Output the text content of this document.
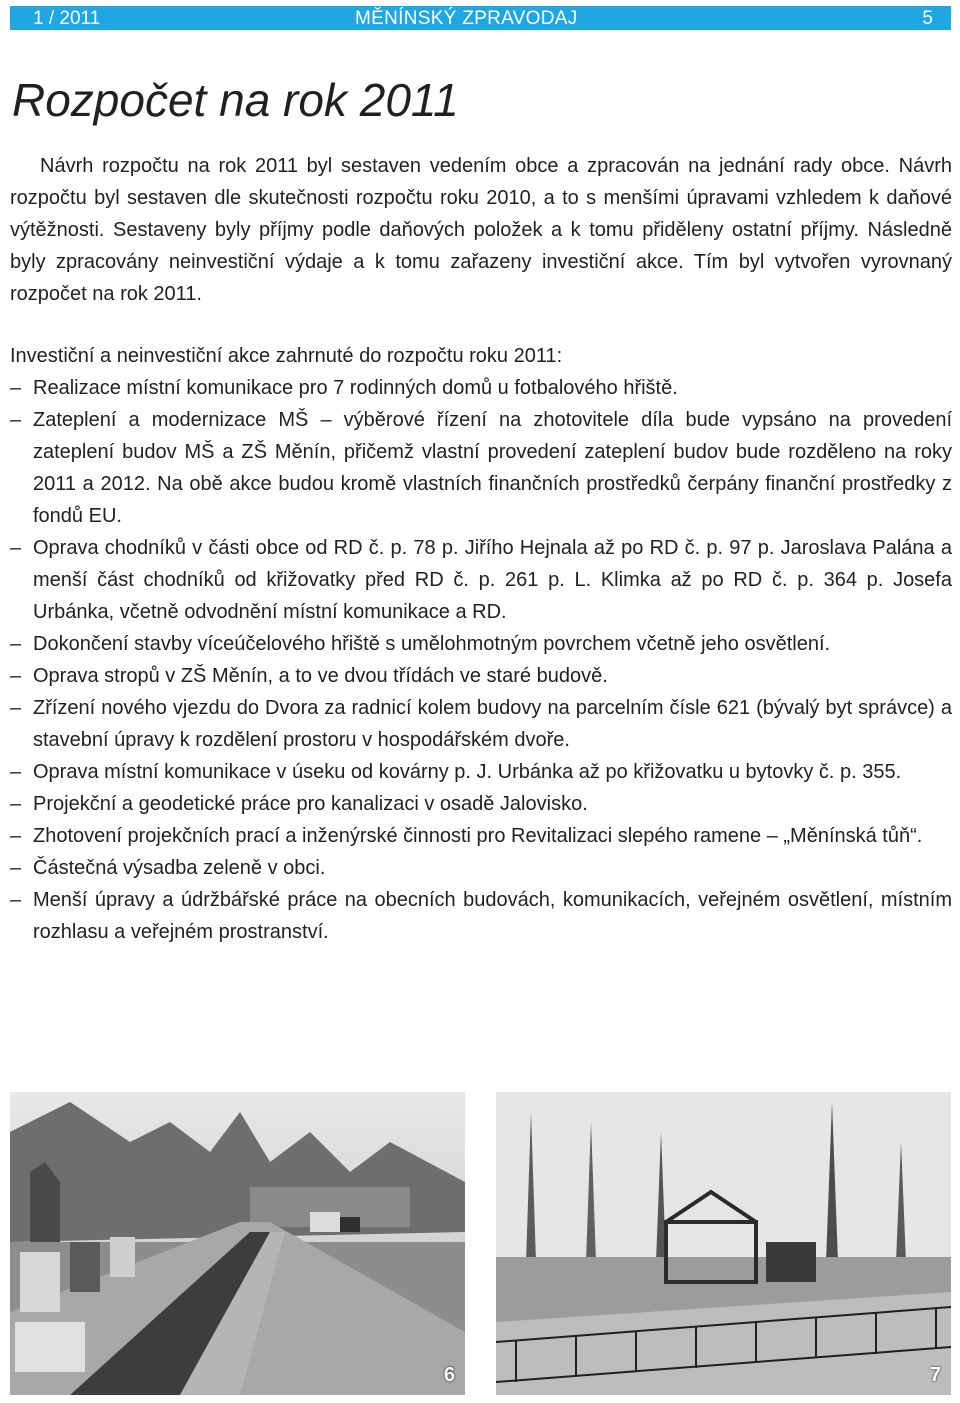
1 / 2011	MĚNÍNSKÝ ZPRAVODAJ	5
Rozpočet na rok 2011

Návrh rozpočtu na rok 2011 byl sestaven vedením obce a zpracován na jednání rady obce. Návrh rozpočtu byl sestaven dle skutečnosti rozpočtu roku 2010, a to s menšími úpravami vzhledem k daňové výtěžnosti. Sestaveny byly příjmy podle daňových položek a k tomu přiděleny ostatní příjmy. Následně byly zpracovány neinvestiční výdaje a k tomu zařazeny investiční akce. Tím byl vytvořen vyrovnaný rozpočet na rok 2011.

Investiční a neinvestiční akce zahrnuté do rozpočtu roku 2011:

– Realizace místní komunikace pro 7 rodinných domů u fotbalového hřiště.
– Zateplení a modernizace MŠ – výběrové řízení na zhotovitele díla bude vypsáno na provedení zateplení budov MŠ a ZŠ Měnín, přičemž vlastní provedení zateplení budov bude rozděleno na roky 2011 a 2012. Na obě akce budou kromě vlastních finančních prostředků čerpány finanční prostředky z fondů EU.
– Oprava chodníků v části obce od RD č. p. 78 p. Jiřího Hejnala až po RD č. p. 97 p. Jaroslava Palána a menší část chodníků od křižovatky před RD č. p. 261 p. L. Klimka až po RD č. p. 364 p. Josefa Urbánka, včetně odvodnění místní komunikace a RD.
– Dokončení stavby víceúčelového hřiště s umělohmotným povrchem včetně jeho osvětlení.
– Oprava stropů v ZŠ Měnín, a to ve dvou třídách ve staré budově.
– Zřízení nového vjezdu do Dvora za radnicí kolem budovy na parcelním čísle 621 (bývalý byt správce) a stavební úpravy k rozdělení prostoru v hospodářském dvoře.
– Oprava místní komunikace v úseku od kovárny p. J. Urbánka až po křižovatku u bytovky č. p. 355.
– Projekční a geodetické práce pro kanalizaci v osadě Jalovisko.
– Zhotovení projekčních prací a inženýrské činnosti pro Revitalizaci slepého ramene – „Měnínská tůň“.
– Částečná výsadba zeleně v obci.
– Menší úpravy a údržbářské práce na obecních budovách, komunikacích, veřejném osvětlení, místním rozhlasu a veřejném prostranství.
6	7
